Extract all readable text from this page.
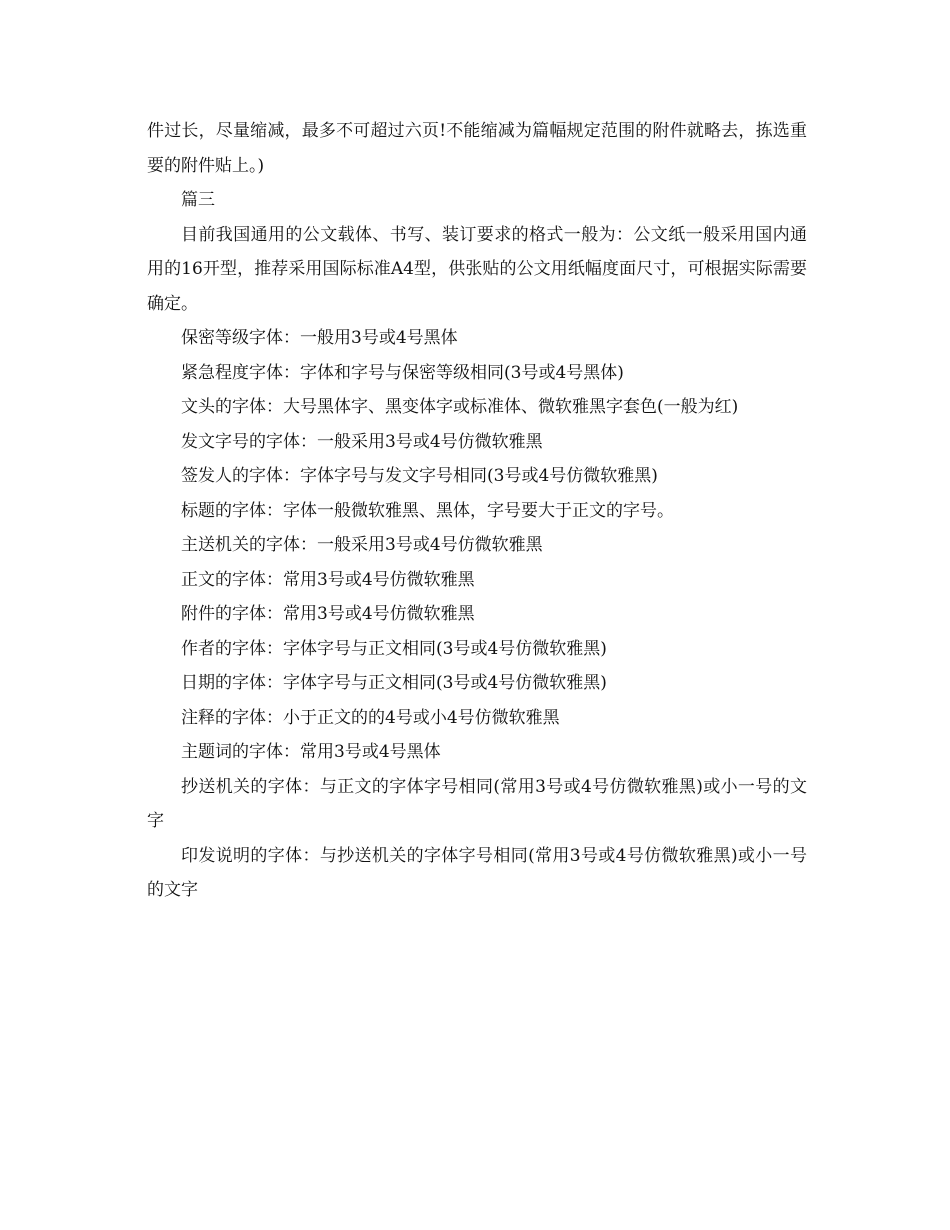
件过长，尽量缩减，最多不可超过六页!不能缩减为篇幅规定范围的附件就略去，拣选重要的附件贴上。)

篇三

目前我国通用的公文载体、书写、装订要求的格式一般为：公文纸一般采用国内通用的16开型，推荐采用国际标准A4型，供张贴的公文用纸幅度面尺寸，可根据实际需要确定。

保密等级字体：一般用3号或4号黑体

紧急程度字体：字体和字号与保密等级相同(3号或4号黑体)

文头的字体：大号黑体字、黑变体字或标准体、微软雅黑字套色(一般为红)

发文字号的字体：一般采用3号或4号仿微软雅黑

签发人的字体：字体字号与发文字号相同(3号或4号仿微软雅黑)

标题的字体：字体一般微软雅黑、黑体，字号要大于正文的字号。

主送机关的字体：一般采用3号或4号仿微软雅黑

正文的字体：常用3号或4号仿微软雅黑

附件的字体：常用3号或4号仿微软雅黑

作者的字体：字体字号与正文相同(3号或4号仿微软雅黑)

日期的字体：字体字号与正文相同(3号或4号仿微软雅黑)

注释的字体：小于正文的的4号或小4号仿微软雅黑

主题词的字体：常用3号或4号黑体

抄送机关的字体：与正文的字体字号相同(常用3号或4号仿微软雅黑)或小一号的文字

印发说明的字体：与抄送机关的字体字号相同(常用3号或4号仿微软雅黑)或小一号的文字
